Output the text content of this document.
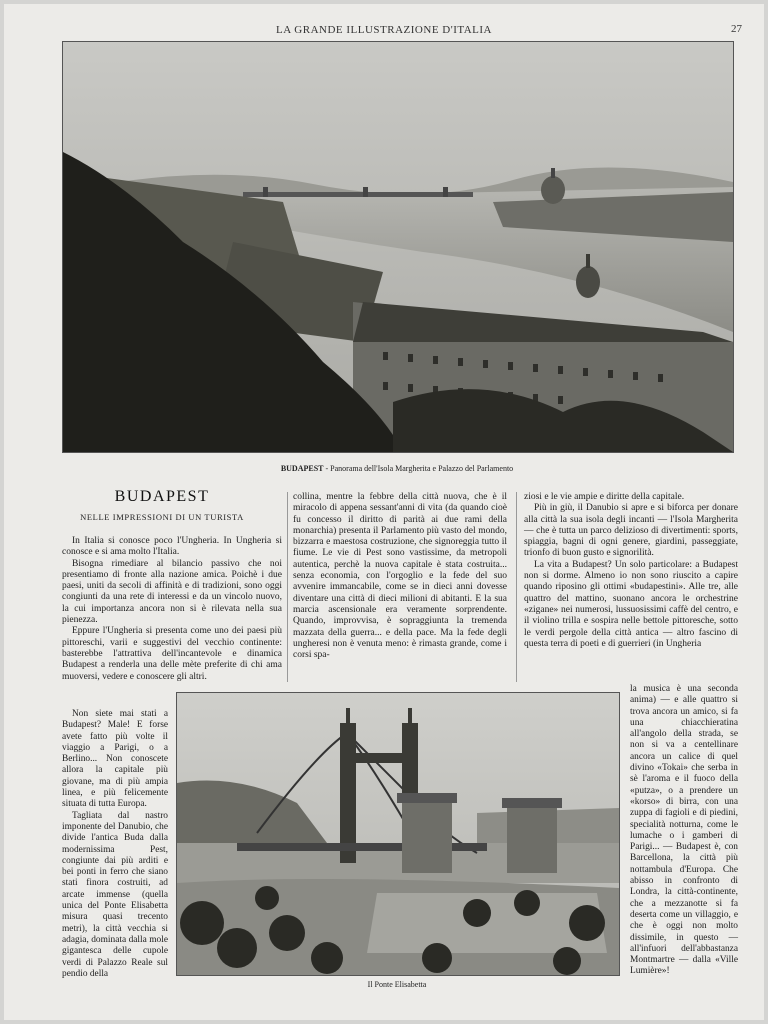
LA GRANDE ILLUSTRAZIONE D'ITALIA	27
BUDAPEST - Panorama dell'Isola Margherita e Palazzo del Parlamento
BUDAPEST
NELLE IMPRESSIONI DI UN TURISTA

In Italia si conosce poco l'Ungheria. In Ungheria si conosce e si ama molto l'Italia.

Bisogna rimediare al bilancio passivo che noi presentiamo di fronte alla nazione amica. Poichè i due paesi, uniti da secoli di affinità e di tradizioni, sono oggi congiunti da una rete di interessi e da un vincolo nuovo, la cui importanza ancora non si è rilevata nella sua pienezza.

Eppure l'Ungheria si presenta come uno dei paesi più pittoreschi, varii e suggestivi del vecchio continente: basterebbe l'attrattiva dell'incantevole e dinamica Budapest a renderla una delle mète preferite di chi ama muoversi, vedere e conoscere gli altri.

Non siete mai stati a Budapest? Male! E forse avete fatto più volte il viaggio a Parigi, o a Berlino... Non conoscete allora la capitale più giovane, ma di più ampia linea, e più felicemente situata di tutta Europa.

Tagliata dal nastro imponente del Danubio, che divide l'antica Buda dalla modernissima Pest, congiunte dai più arditi e bei ponti in ferro che siano stati finora costruiti, ad arcate immense (quella unica del Ponte Elisabetta misura quasi trecento metri), la città vecchia si adagia, dominata dalla mole gigantesca delle cupole verdi di Palazzo Reale sul pendio della

collina, mentre la febbre della città nuova, che è il miracolo di appena sessant'anni di vita (da quando cioè fu concesso il diritto di parità ai due rami della monarchia) presenta il Parlamento più vasto del mondo, bizzarra e maestosa costruzione, che signoreggia tutto il fiume. Le vie di Pest sono vastissime, da metropoli autentica, perchè la nuova capitale è stata costruita... senza economia, con l'orgoglio e la fede del suo avvenire immancabile, come se in dieci anni dovesse diventare una città di dieci milioni di abitanti. E la sua marcia ascensionale era veramente sorprendente. Quando, improvvisa, è sopraggiunta la tremenda mazzata della guerra... e della pace. Ma la fede degli ungheresi non è venuta meno: è rimasta grande, come i corsi spa-

ziosi e le vie ampie e diritte della capitale.

Più in giù, il Danubio si apre e si biforca per donare alla città la sua isola degli incanti — l'Isola Margherita — che è tutta un parco delizioso di divertimenti: sports, spiaggia, bagni di ogni genere, giardini, passeggiate, trionfo di buon gusto e signorilità.

La vita a Budapest? Un solo particolare: a Budapest non si dorme. Almeno io non sono riuscito a capire quando riposino gli ottimi «budapestini». Alle tre, alle quattro del mattino, suonano ancora le orchestrine «zigane» nei numerosi, lussuosissimi caffè del centro, e il violino trilla e sospira nelle bettole pittoresche, sotto le verdi pergole della città antica — altro fascino di questa terra di poeti e di guerrieri (in Ungheria

la musica è una seconda anima) — e alle quattro si trova ancora un amico, si fa una chiacchieratina all'angolo della strada, se non si va a centellinare ancora un calice di quel divino «Tokai» che serba in sè l'aroma e il fuoco della «putza», o a prendere un «korso» di birra, con una zuppa di fagioli e di piedini, specialità notturna, come le lumache o i gamberi di Parigi... — Budapest è, con Barcellona, la città più nottambula d'Europa. Che abisso in confronto di Londra, la città-continente, che a mezzanotte si fa deserta come un villaggio, e che è oggi non molto dissimile, in questo — all'infuori dell'abbastanza Montmartre — dalla «Ville Lumière»!

Il Ponte Elisabetta
